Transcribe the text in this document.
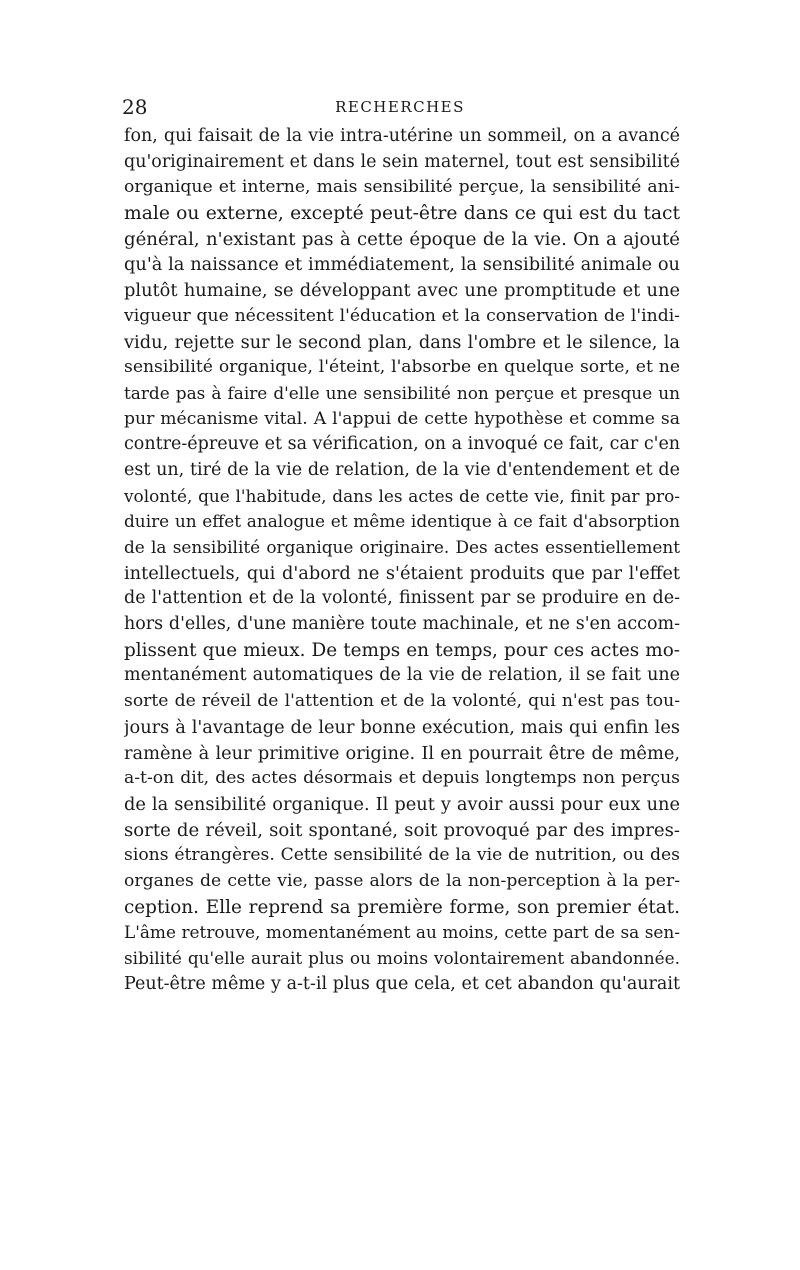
28	RECHERCHES
fon, qui faisait de la vie intra-utérine un sommeil, on a avancé
qu'originairement et dans le sein maternel, tout est sensibilité
organique et interne, mais sensibilité perçue, la sensibilité ani-
male ou externe, excepté peut-être dans ce qui est du tact
général, n'existant pas à cette époque de la vie. On a ajouté
qu'à la naissance et immédiatement, la sensibilité animale ou
plutôt humaine, se développant avec une promptitude et une
vigueur que nécessitent l'éducation et la conservation de l'indi-
vidu, rejette sur le second plan, dans l'ombre et le silence, la
sensibilité organique, l'éteint, l'absorbe en quelque sorte, et ne
tarde pas à faire d'elle une sensibilité non perçue et presque un
pur mécanisme vital. A l'appui de cette hypothèse et comme sa
contre-épreuve et sa vérification, on a invoqué ce fait, car c'en
est un, tiré de la vie de relation, de la vie d'entendement et de
volonté, que l'habitude, dans les actes de cette vie, finit par pro-
duire un effet analogue et même identique à ce fait d'absorption
de la sensibilité organique originaire. Des actes essentiellement
intellectuels, qui d'abord ne s'étaient produits que par l'effet
de l'attention et de la volonté, finissent par se produire en de-
hors d'elles, d'une manière toute machinale, et ne s'en accom-
plissent que mieux. De temps en temps, pour ces actes mo-
mentanément automatiques de la vie de relation, il se fait une
sorte de réveil de l'attention et de la volonté, qui n'est pas tou-
jours à l'avantage de leur bonne exécution, mais qui enfin les
ramène à leur primitive origine. Il en pourrait être de même,
a-t-on dit, des actes désormais et depuis longtemps non perçus
de la sensibilité organique. Il peut y avoir aussi pour eux une
sorte de réveil, soit spontané, soit provoqué par des impres-
sions étrangères. Cette sensibilité de la vie de nutrition, ou des
organes de cette vie, passe alors de la non-perception à la per-
ception. Elle reprend sa première forme, son premier état.
L'âme retrouve, momentanément au moins, cette part de sa sen-
sibilité qu'elle aurait plus ou moins volontairement abandonnée.
Peut-être même y a-t-il plus que cela, et cet abandon qu'aurait
